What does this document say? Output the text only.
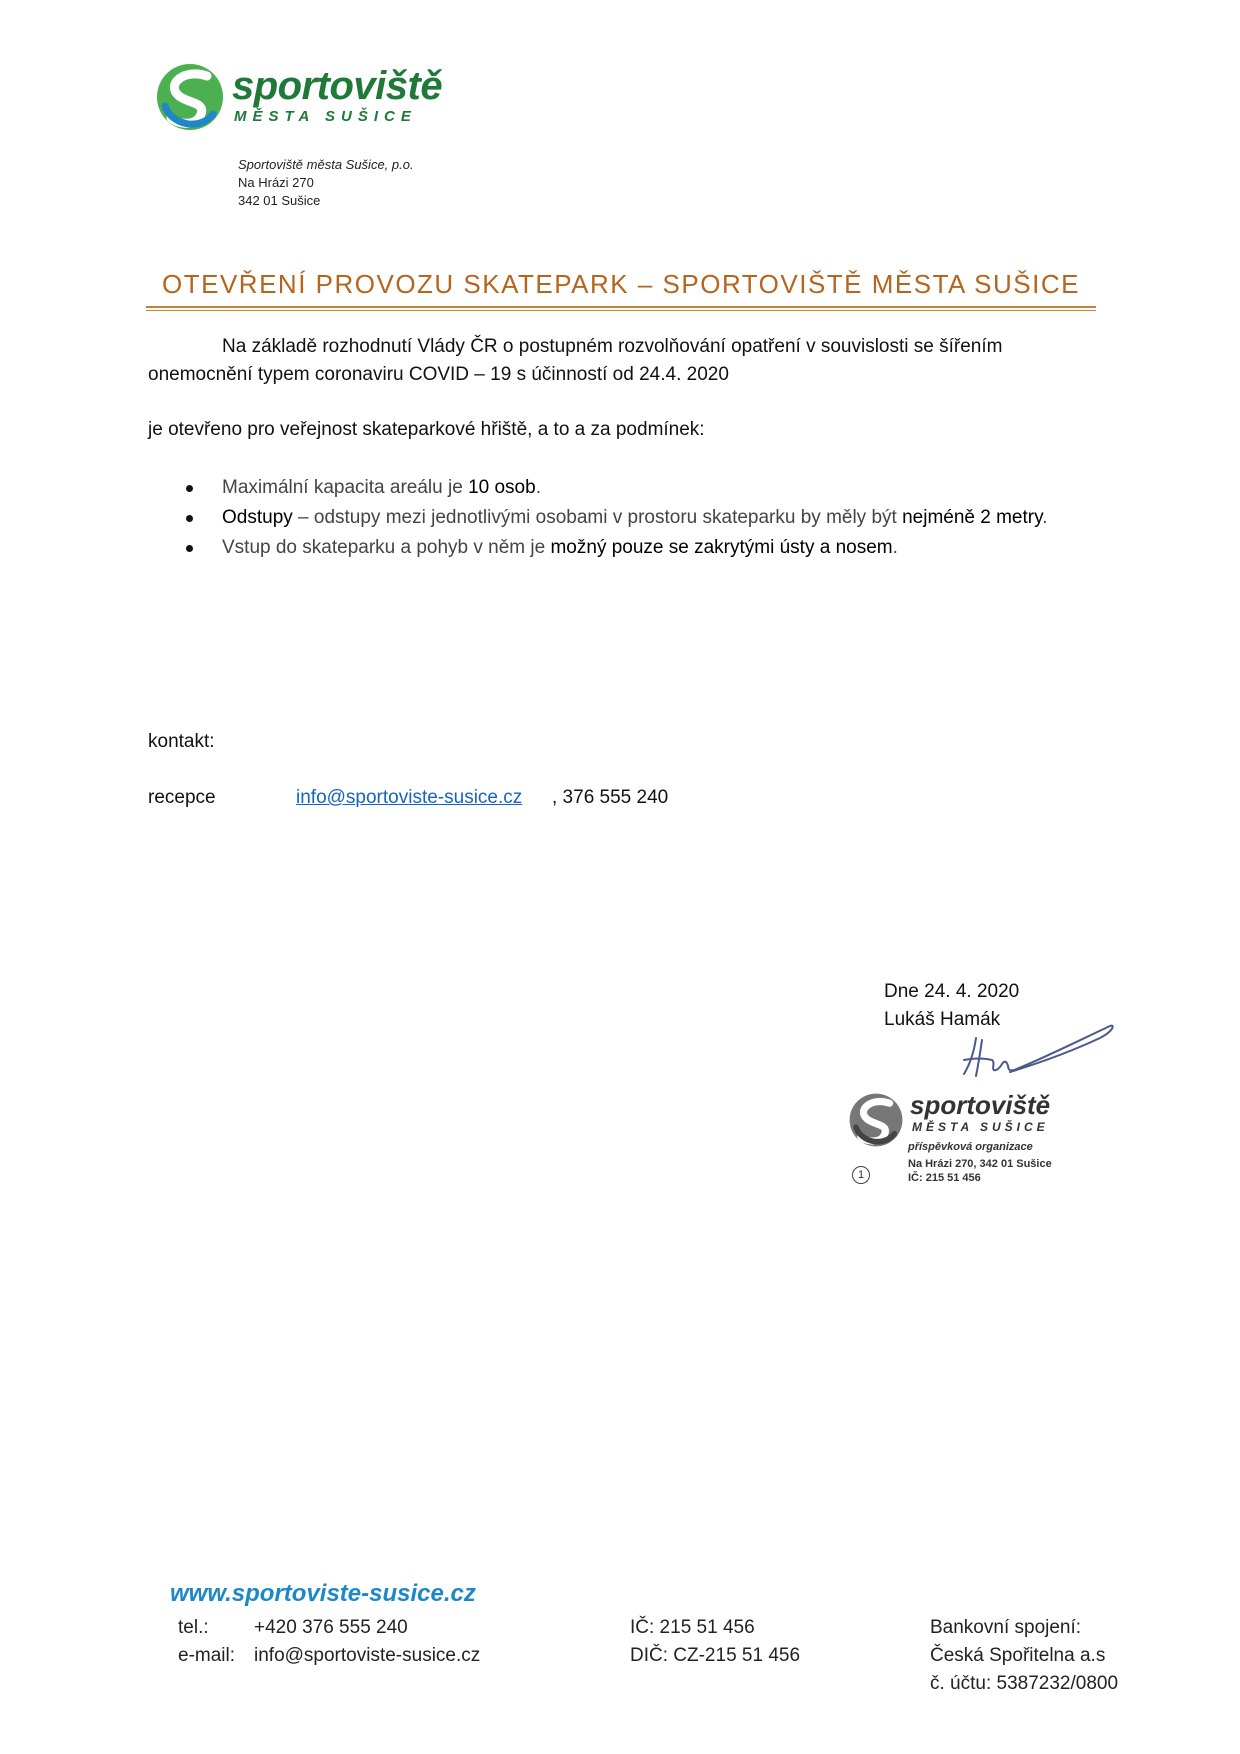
sportoviště
MĚSTA SUŠICE
Sportoviště města Sušice, p.o.
Na Hrázi 270
342 01 Sušice
OTEVŘENÍ PROVOZU SKATEPARK – SPORTOVIŠTĚ MĚSTA SUŠICE
Na základě rozhodnutí Vlády ČR o postupném rozvolňování opatření v souvislosti se šířením onemocnění typem coronaviru COVID – 19 s účinností od 24.4. 2020
je otevřeno pro veřejnost skateparkové hřiště, a to a za podmínek:
Maximální kapacita areálu je 10 osob.
Odstupy – odstupy mezi jednotlivými osobami v prostoru skateparku by měly být nejméně 2 metry.
Vstup do skateparku a pohyb v něm je možný pouze se zakrytými ústy a nosem.
kontakt:
recepce	info@sportoviste-susice.cz , 376 555 240
Dne 24. 4. 2020
Lukáš Hamák
sportoviště
MĚSTA SUŠICE
příspěvková organizace
Na Hrázi 270, 342 01 Sušice
IČ: 215 51 456
1
www.sportoviste-susice.cz
tel.: +420 376 555 240
e-mail: info@sportoviste-susice.cz
IČ: 215 51 456
DIČ: CZ-215 51 456
Bankovní spojení:
Česká Spořitelna a.s
č. účtu: 5387232/0800
